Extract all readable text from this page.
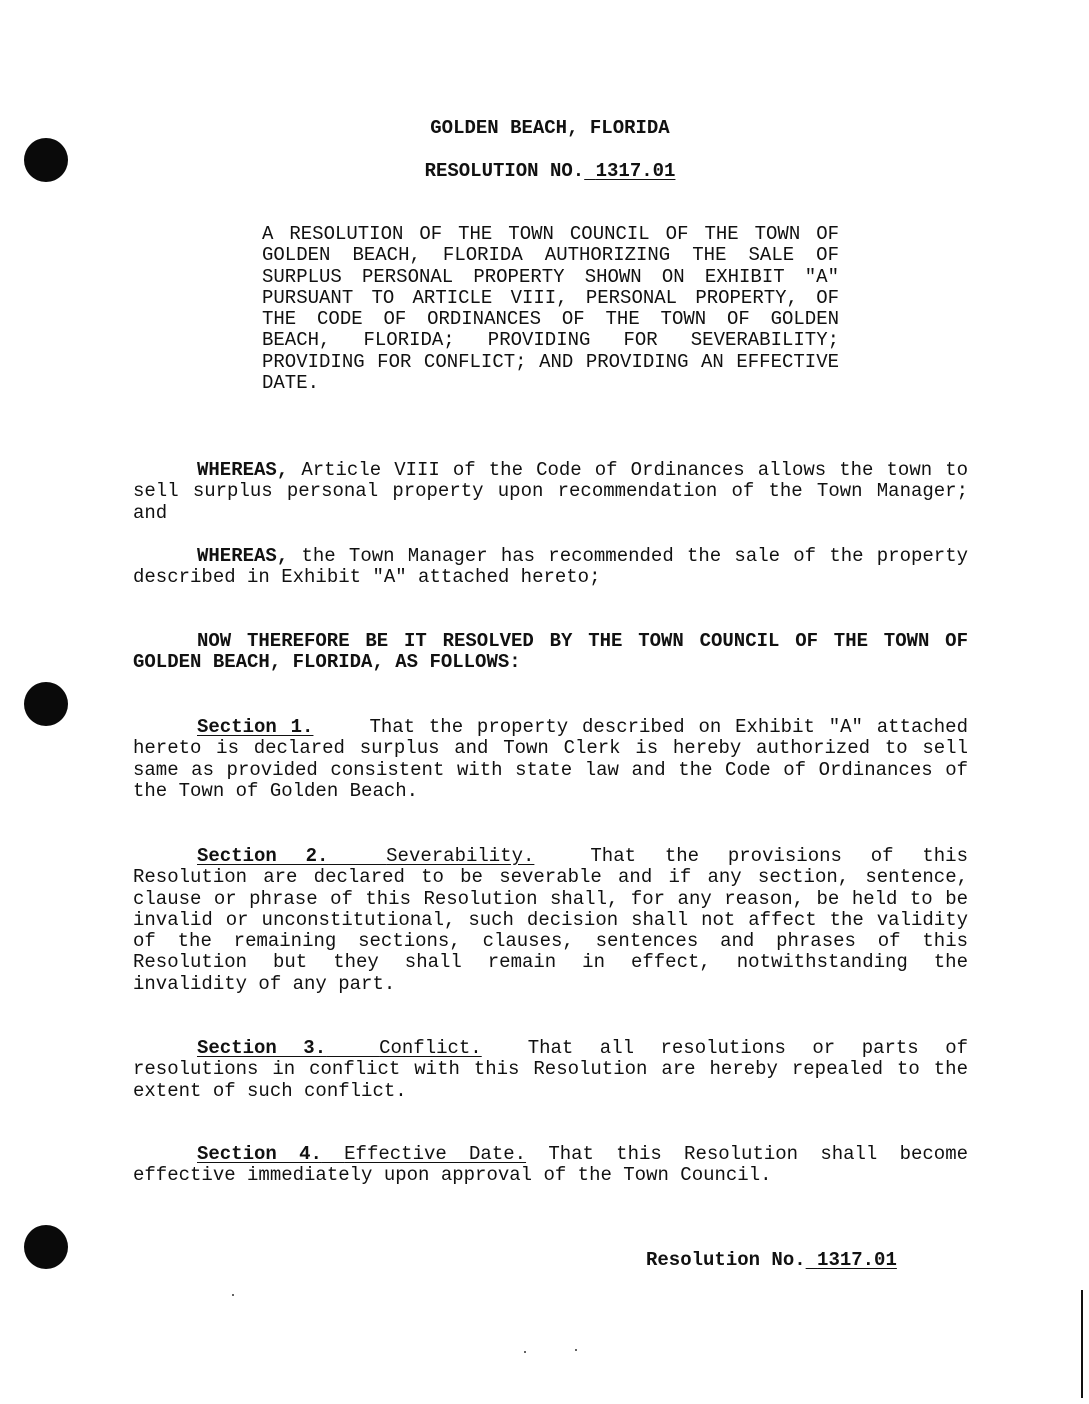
GOLDEN BEACH, FLORIDA
RESOLUTION NO. 1317.01

A RESOLUTION OF THE TOWN COUNCIL OF THE TOWN OF GOLDEN BEACH, FLORIDA AUTHORIZING THE SALE OF SURPLUS PERSONAL PROPERTY SHOWN ON EXHIBIT "A" PURSUANT TO ARTICLE VIII, PERSONAL PROPERTY, OF THE CODE OF ORDINANCES OF THE TOWN OF GOLDEN BEACH, FLORIDA; PROVIDING FOR SEVERABILITY; PROVIDING FOR CONFLICT; AND PROVIDING AN EFFECTIVE DATE.

WHEREAS, Article VIII of the Code of Ordinances allows the town to sell surplus personal property upon recommendation of the Town Manager; and

WHEREAS, the Town Manager has recommended the sale of the property described in Exhibit "A" attached hereto;

NOW THEREFORE BE IT RESOLVED BY THE TOWN COUNCIL OF THE TOWN OF GOLDEN BEACH, FLORIDA, AS FOLLOWS:

Section 1.	That the property described on Exhibit "A" attached hereto is declared surplus and Town Clerk is hereby authorized to sell same as provided consistent with state law and the Code of Ordinances of the Town of Golden Beach.

Section 2.	Severability.	That the provisions of this Resolution are declared to be severable and if any section, sentence, clause or phrase of this Resolution shall, for any reason, be held to be invalid or unconstitutional, such decision shall not affect the validity of the remaining sections, clauses, sentences and phrases of this Resolution but they shall remain in effect, notwithstanding the invalidity of any part.

Section 3.	Conflict. That all resolutions or parts of resolutions in conflict with this Resolution are hereby repealed to the extent of such conflict.

Section 4. Effective Date. That this Resolution shall become effective immediately upon approval of the Town Council.

Resolution No. 1317.01
